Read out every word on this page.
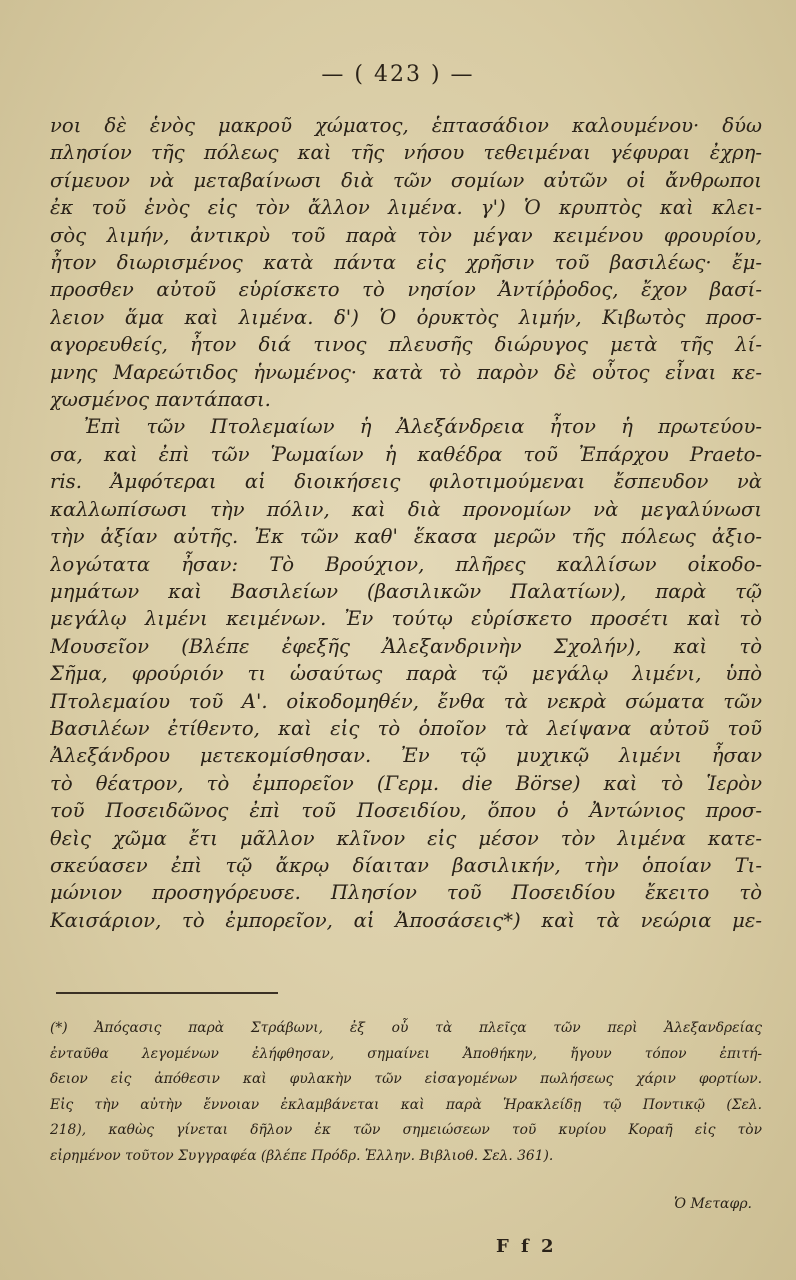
— ( 423 ) —
νοι δὲ ἑνὸς μακροῦ χώματος, ἑπτασάδιον καλουμένου· δύω
πλησίον τῆς πόλεως καὶ τῆς νήσου τεθειμέναι γέφυραι ἐχρη-
σίμευον νὰ μεταβαίνωσι διὰ τῶν σομίων αὐτῶν οἱ ἄνθρωποι
ἐκ τοῦ ἑνὸς εἰς τὸν ἄλλον λιμένα. γ') Ὁ κρυπτὸς καὶ κλει-
σὸς λιμήν, ἀντικρὺ τοῦ παρὰ τὸν μέγαν κειμένου φρουρίου,
ἦτον διωρισμένος κατὰ πάντα εἰς χρῆσιν τοῦ βασιλέως· ἔμ-
προσθεν αὐτοῦ εὑρίσκετο τὸ νησίον Ἀντίῤῥοδος, ἔχον βασί-
λειον ἅμα καὶ λιμένα. δ') Ὁ ὀρυκτὸς λιμήν, Κιβωτὸς προσ-
αγορευθείς, ἦτον διά τινος πλευσῆς διώρυγος μετὰ τῆς λί-
μνης Μαρεώτιδος ἡνωμένος· κατὰ τὸ παρὸν δὲ οὗτος εἶναι κε-
χωσμένος παντάπασι.
Ἐπὶ τῶν Πτολεμαίων ἡ Ἀλεξάνδρεια ἦτον ἡ πρωτεύου-
σα, καὶ ἐπὶ τῶν Ῥωμαίων ἡ καθέδρα τοῦ Ἐπάρχου Praeto-
ris. Ἀμφότεραι αἱ διοικήσεις φιλοτιμούμεναι ἔσπευδον νὰ
καλλωπίσωσι τὴν πόλιν, καὶ διὰ προνομίων νὰ μεγαλύνωσι
τὴν ἀξίαν αὐτῆς. Ἐκ τῶν καθ' ἕκασα μερῶν τῆς πόλεως ἀξιο-
λογώτατα ἦσαν: Τὸ Βρούχιον, πλῆρες καλλίσων οἰκοδο-
μημάτων καὶ Βασιλείων (βασιλικῶν Παλατίων), παρὰ τῷ
μεγάλῳ λιμένι κειμένων. Ἐν τούτῳ εὑρίσκετο προσέτι καὶ τὸ
Μουσεῖον (Βλέπε ἐφεξῆς Ἀλεξανδρινὴν Σχολήν), καὶ τὸ
Σῆμα, φρούριόν τι ὡσαύτως παρὰ τῷ μεγάλῳ λιμένι, ὑπὸ
Πτολεμαίου τοῦ Α'. οἰκοδομηθέν, ἔνθα τὰ νεκρὰ σώματα τῶν
Βασιλέων ἐτίθεντο, καὶ εἰς τὸ ὁποῖον τὰ λείψανα αὐτοῦ τοῦ
Ἀλεξάνδρου μετεκομίσθησαν. Ἐν τῷ μυχικῷ λιμένι ἦσαν
τὸ θέατρον, τὸ ἐμπορεῖον (Γερμ. die Börse) καὶ τὸ Ἱερὸν
τοῦ Ποσειδῶνος ἐπὶ τοῦ Ποσειδίου, ὅπου ὁ Ἀντώνιος προσ-
θεὶς χῶμα ἔτι μᾶλλον κλῖνον εἰς μέσον τὸν λιμένα κατε-
σκεύασεν ἐπὶ τῷ ἄκρῳ δίαιταν βασιλικήν, τὴν ὁποίαν Τι-
μώνιον προσηγόρευσε. Πλησίον τοῦ Ποσειδίου ἔκειτο τὸ
Καισάριον, τὸ ἐμπορεῖον, αἱ Ἀποσάσεις*) καὶ τὰ νεώρια με-
(*) Ἀπόςασις παρὰ Στράβωνι, ἐξ οὗ τὰ πλεῖςα τῶν περὶ Ἀλεξανδρείας
ἐνταῦθα λεγομένων ἐλήφθησαν, σημαίνει Ἀποθήκην, ἤγουν τόπον ἐπιτή-
δειον εἰς ἀπόθεσιν καὶ φυλακὴν τῶν εἰσαγομένων πωλήσεως χάριν φορτίων.
Εἰς τὴν αὐτὴν ἔννοιαν ἐκλαμβάνεται καὶ παρὰ Ἡρακλείδῃ τῷ Ποντικῷ (Σελ.
218), καθὼς γίνεται δῆλον ἐκ τῶν σημειώσεων τοῦ κυρίου Κοραῆ εἰς τὸν
εἰρημένον τοῦτον Συγγραφέα (βλέπε Πρόδρ. Ἑλλην. Βιβλιοθ. Σελ. 361).
Ὁ Μεταφρ.
F f 2
